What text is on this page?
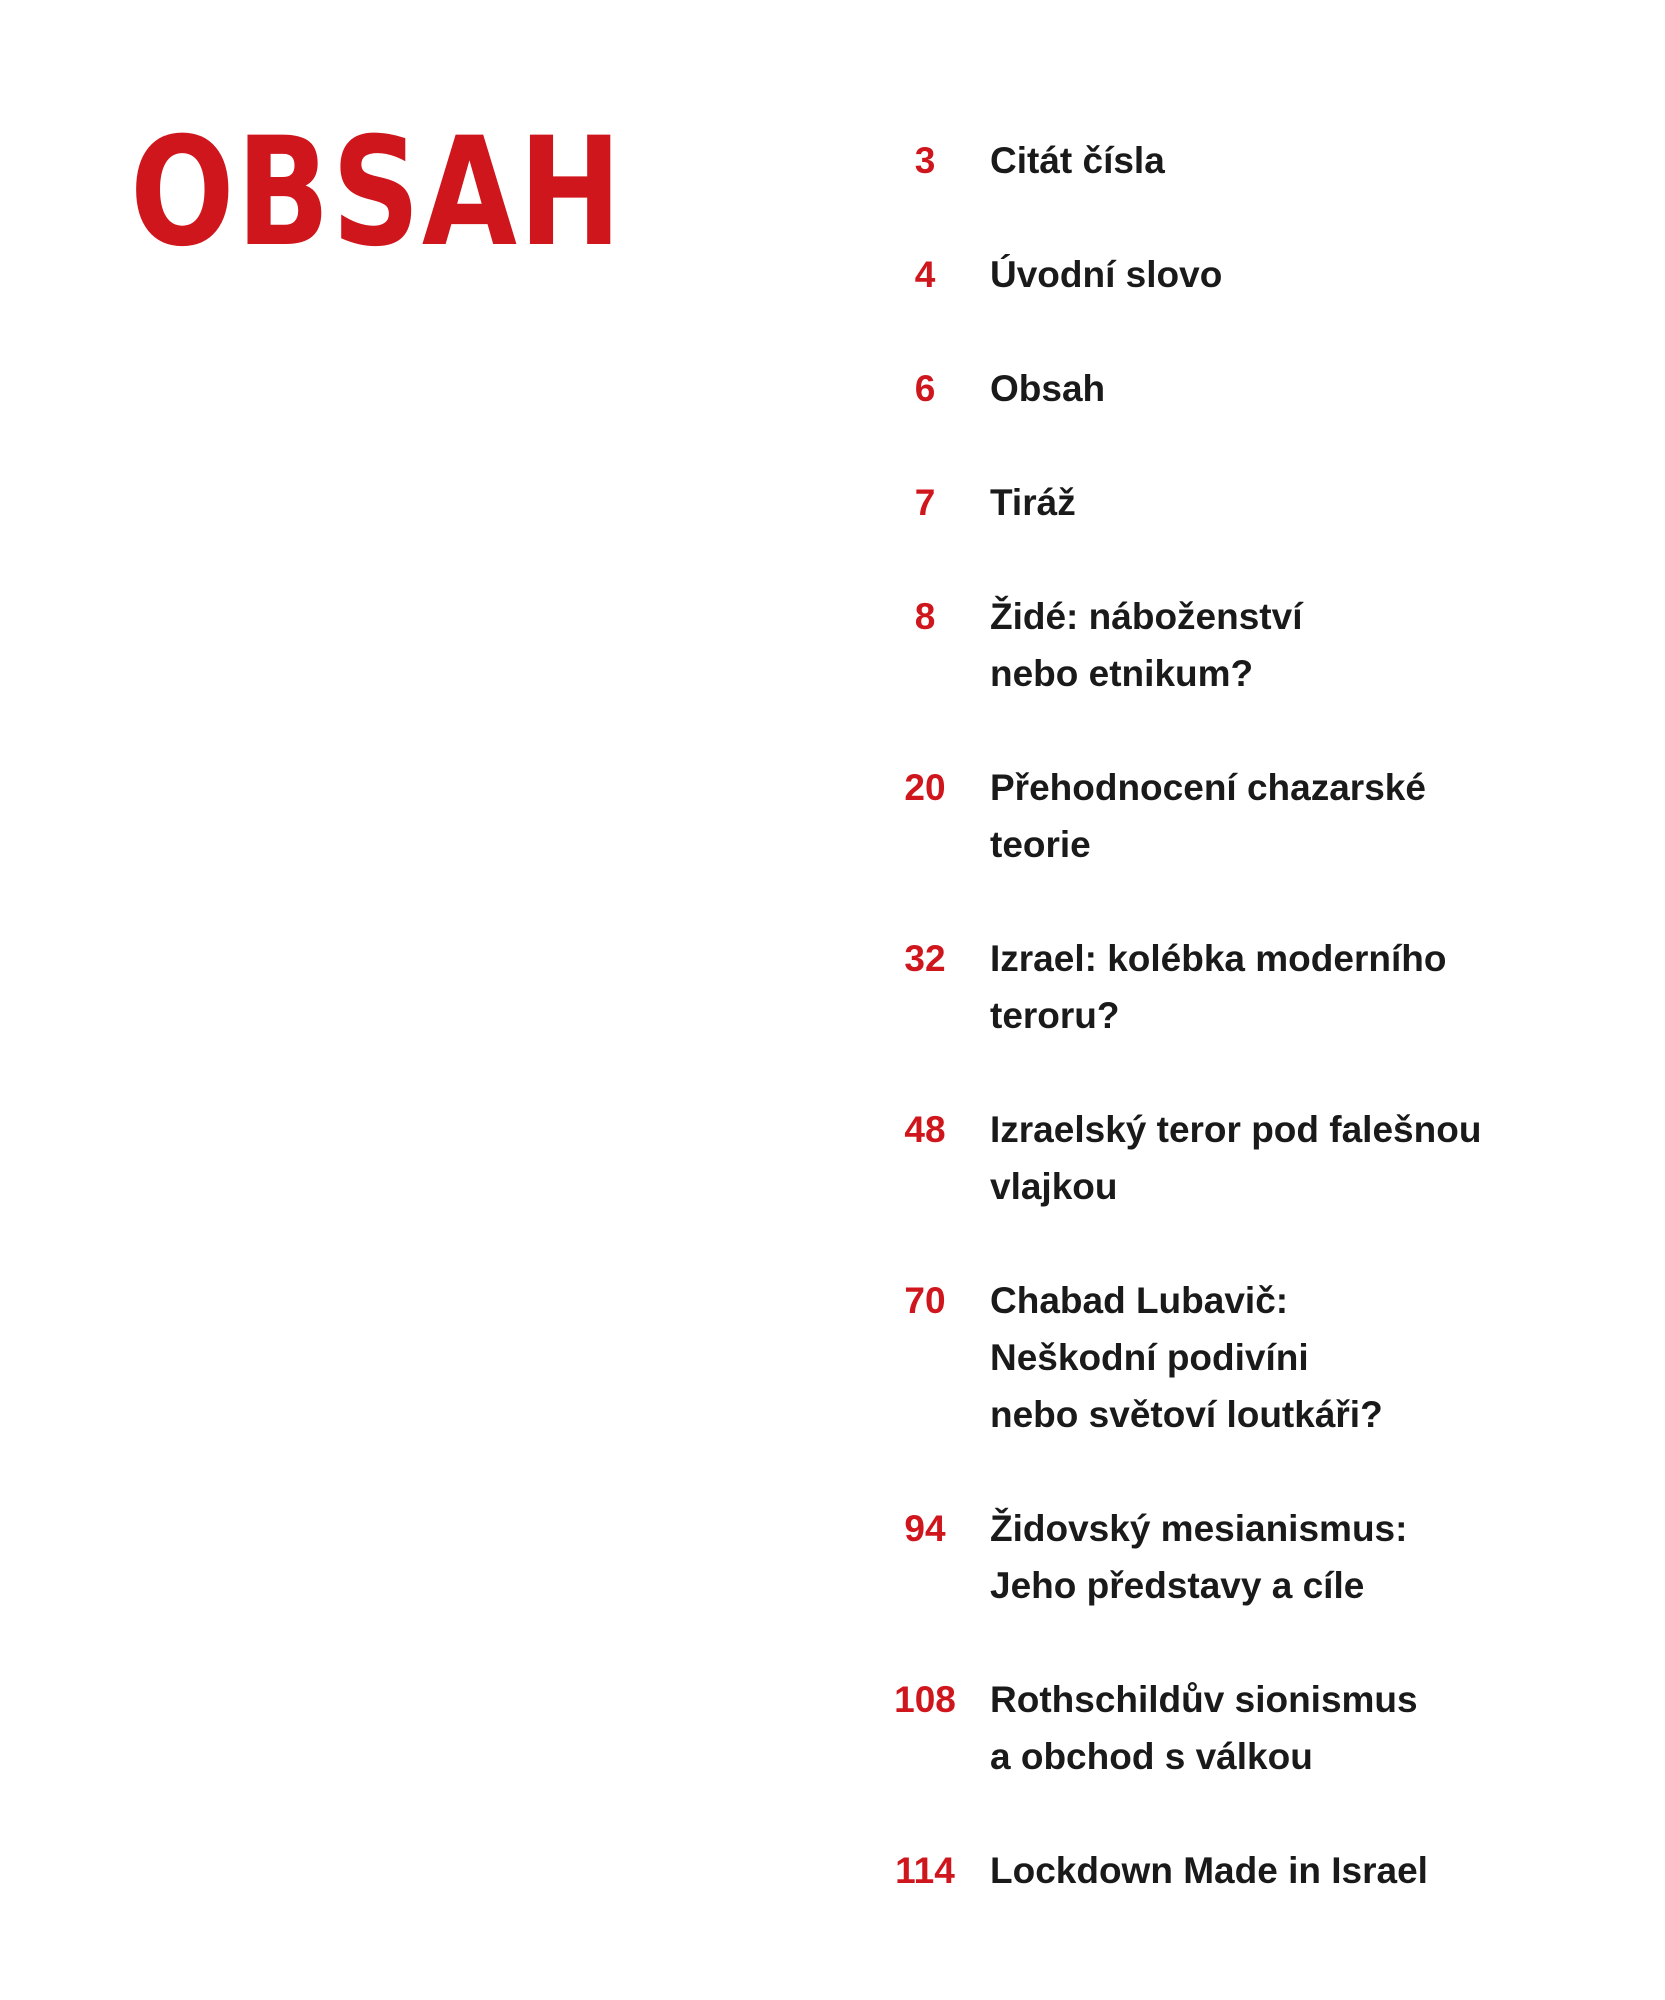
OBSAH	3	Citát čísla
4	Úvodní slovo
6	Obsah
7	Tiráž
8	Židé: náboženství
nebo etnikum?
20	Přehodnocení chazarské
teorie
32	Izrael: kolébka moderního
teroru?
48	Izraelský teror pod falešnou
vlajkou
70	Chabad Lubavič:
Neškodní podivíni
nebo světoví loutkáři?
94	Židovský mesianismus:
Jeho představy a cíle
108 Rothschildův sionismus
a obchod s válkou
114 Lockdown Made in Israel
